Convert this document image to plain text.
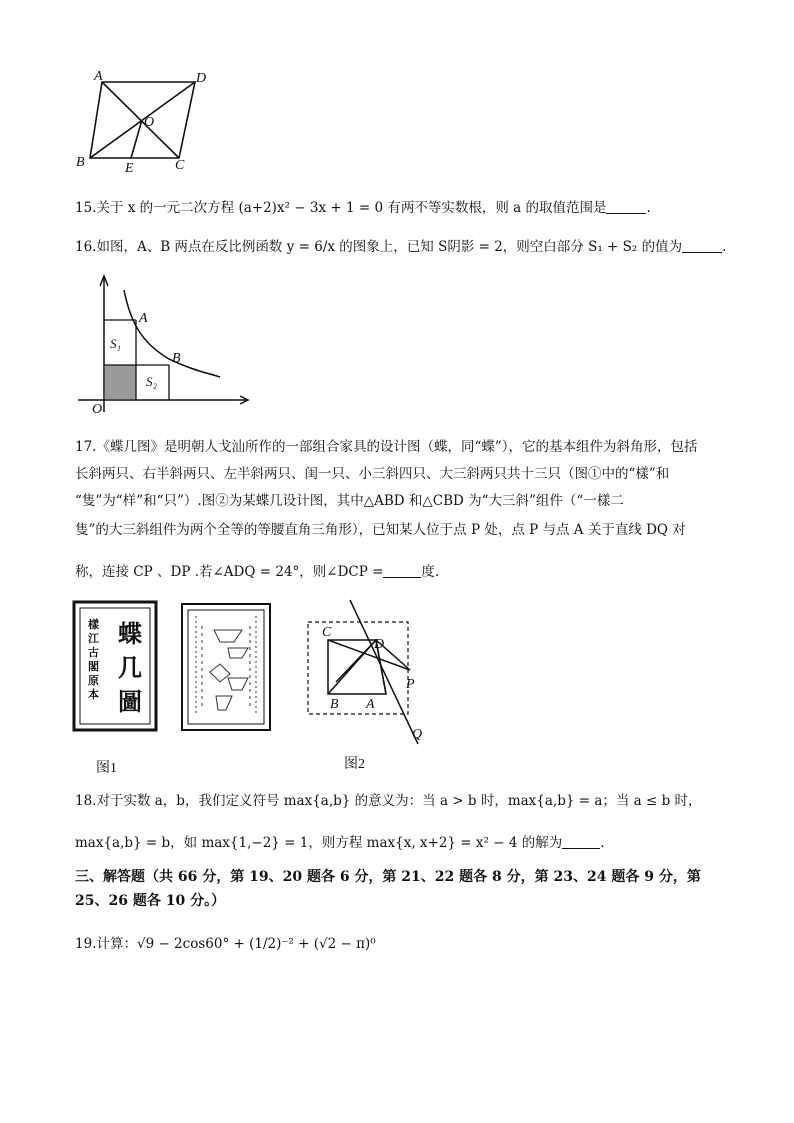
A	D
B	C
O
E
15.关于 x 的一元二次方程 (a+2)x² − 3x + 1 = 0 有两不等实数根，则 a 的取值范围是	.
16.如图，A、B 两点在反比例函数 y = 6/x 的图象上，已知 S阴影 = 2，则空白部分 S₁ + S₂ 的值为	.
A
B
O
S₁
S₂
17.《蝶几图》是明朝人戈汕所作的一部组合家具的设计图（蝶，同“蝶”），它的基本组件为斜角形，包括
长斜两只、右半斜两只、左半斜两只、闺一只、小三斜四只、大三斜两只共十三只（图①中的“樣”和
“隻”为“样”和“只”）.图②为某蝶几设计图，其中△ABD 和△CBD 为“大三斜”组件（“一樣二
隻”的大三斜组件为两个全等的等腰直角三角形），已知某人位于点 P 处，点 P 与点 A 关于直线 DQ 对
称，连接 CP 、DP .若∠ADQ = 24°，则∠DCP =	度.
蝶
几
圖
樣
江
古
閣
原
本
图1
C
D
B A
P
Q
图2
18.对于实数 a，b，我们定义符号 max{a,b} 的意义为：当 a > b 时，max{a,b} = a；当 a ≤ b 时，
max{a,b} = b，如 max{1,−2} = 1，则方程 max{x, x+2} = x² − 4 的解为	.
三、解答题（共 66 分，第 19、20 题各 6 分，第 21、22 题各 8 分，第 23、24 题各 9 分，第
25、26 题各 10 分。）
19.计算：√9 − 2cos60° + (1/2)⁻² + (√2 − π)⁰
